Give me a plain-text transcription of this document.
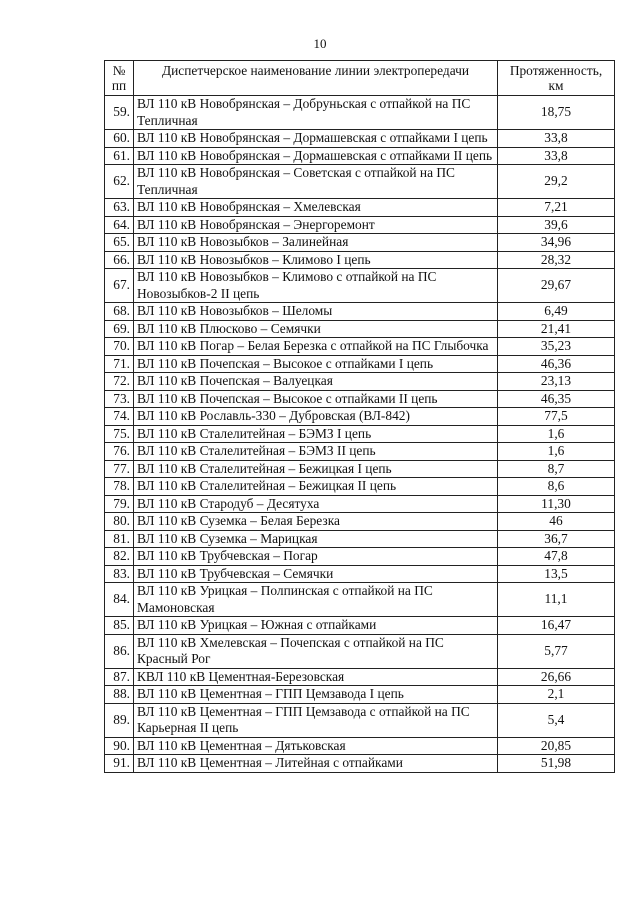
10
№ пп	Диспетчерское наименование линии электропередачи	Протяженность, км
59.	ВЛ 110 кВ Новобрянская – Добруньская с отпайкой на ПС Тепличная	18,75
60.	ВЛ 110 кВ Новобрянская – Дормашевская с отпайками I цепь	33,8
61.	ВЛ 110 кВ Новобрянская – Дормашевская с отпайками II цепь	33,8
62.	ВЛ 110 кВ Новобрянская – Советская с отпайкой на ПС Тепличная	29,2
63.	ВЛ 110 кВ Новобрянская – Хмелевская	7,21
64.	ВЛ 110 кВ Новобрянская – Энергоремонт	39,6
65.	ВЛ 110 кВ Новозыбков – Залинейная	34,96
66.	ВЛ 110 кВ Новозыбков – Климово I цепь	28,32
67.	ВЛ 110 кВ Новозыбков – Климово с отпайкой на ПС Новозыбков-2 II цепь	29,67
68.	ВЛ 110 кВ Новозыбков – Шеломы	6,49
69.	ВЛ 110 кВ Плюсково – Семячки	21,41
70.	ВЛ 110 кВ Погар – Белая Березка с отпайкой на ПС Глыбочка	35,23
71.	ВЛ 110 кВ Почепская – Высокое с отпайками I цепь	46,36
72.	ВЛ 110 кВ Почепская – Валуецкая	23,13
73.	ВЛ 110 кВ Почепская – Высокое с отпайками II цепь	46,35
74.	ВЛ 110 кВ Рославль-330 – Дубровская (ВЛ-842)	77,5
75.	ВЛ 110 кВ Сталелитейная – БЭМЗ I цепь	1,6
76.	ВЛ 110 кВ Сталелитейная – БЭМЗ II цепь	1,6
77.	ВЛ 110 кВ Сталелитейная – Бежицкая I цепь	8,7
78.	ВЛ 110 кВ Сталелитейная – Бежицкая II цепь	8,6
79.	ВЛ 110 кВ Стародуб – Десятуха	11,30
80.	ВЛ 110 кВ Суземка – Белая Березка	46
81.	ВЛ 110 кВ Суземка – Марицкая	36,7
82.	ВЛ 110 кВ Трубчевская – Погар	47,8
83.	ВЛ 110 кВ Трубчевская – Семячки	13,5
84.	ВЛ 110 кВ Урицкая – Полпинская с отпайкой на ПС Мамоновская	11,1
85.	ВЛ 110 кВ Урицкая – Южная с отпайками	16,47
86.	ВЛ 110 кВ Хмелевская – Почепская с отпайкой на ПС Красный Рог	5,77
87.	КВЛ 110 кВ Цементная-Березовская	26,66
88.	ВЛ 110 кВ Цементная – ГПП Цемзавода I цепь	2,1
89.	ВЛ 110 кВ Цементная – ГПП Цемзавода с отпайкой на ПС Карьерная II цепь	5,4
90.	ВЛ 110 кВ Цементная – Дятьковская	20,85
91.	ВЛ 110 кВ Цементная – Литейная с отпайками	51,98
